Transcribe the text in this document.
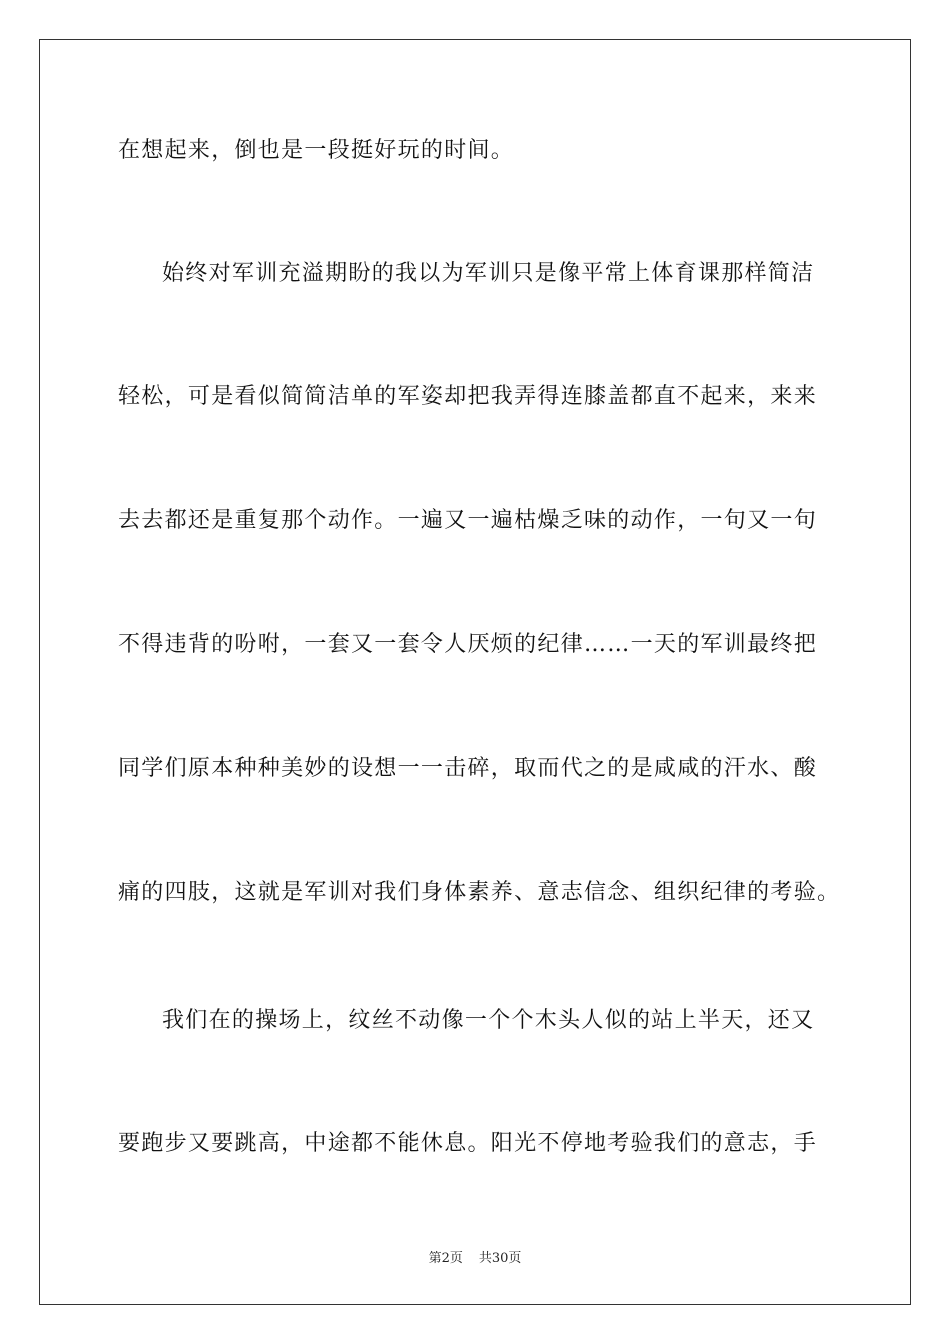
在想起来，倒也是一段挺好玩的时间。
始终对军训充溢期盼的我以为军训只是像平常上体育课那样简洁
轻松，可是看似简简洁单的军姿却把我弄得连膝盖都直不起来，来来
去去都还是重复那个动作。一遍又一遍枯燥乏味的动作，一句又一句
不得违背的吩咐，一套又一套令人厌烦的纪律……一天的军训最终把
同学们原本种种美妙的设想一一击碎，取而代之的是咸咸的汗水、酸
痛的四肢，这就是军训对我们身体素养、意志信念、组织纪律的考验。
我们在的操场上，纹丝不动像一个个木头人似的站上半天，还又
要跑步又要跳高，中途都不能休息。阳光不停地考验我们的意志，手
第2页 共30页
